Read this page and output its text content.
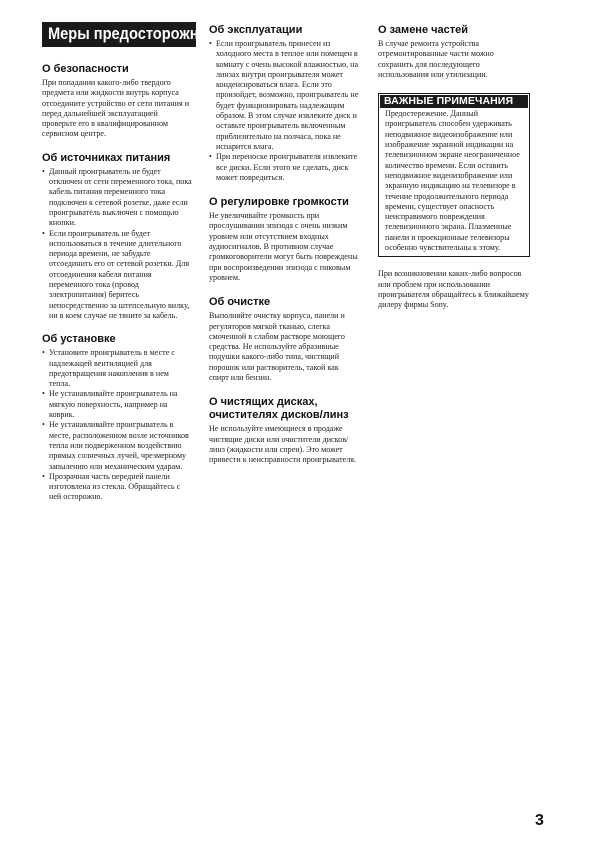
Меры предосторожности
О безопасности

При попадании какого-либо твердого предмета или жидкости внутрь корпуса отсоедините устройство от сети питания и перед дальнейшей эксплуатацией проверьте его в квалифицированном сервисном центре.

Об источниках питания
• Данный проигрыватель не будет отключен от сети переменного тока, пока кабель питания переменного тока подключен к сетевой розетке, даже если проигрыватель выключен с помощью кнопки.
• Если проигрыватель не будет использоваться в течение длительного периода времени, не забудьте отсоединить его от сетевой розетки. Для отсоединения кабеля питания переменного тока (провод электропитания) беритесь непосредственно за штепсельную вилку, ни в коем случае не тяните за кабель.
Об установке
• Установите проигрыватель в месте с надлежащей вентиляцией для предотвращения накопления в нем тепла.
• Не устанавливайте проигрыватель на мягкую поверхность, например на коврик.
• Не устанавливайте проигрыватель в месте, расположенном возле источников тепла или подверженном воздействию прямых солнечных лучей, чрезмерному запылению или механическим ударам.
• Прозрачная часть передней панели изготовлена из стекла. Обращайтесь с ней осторожно.
Об эксплуатации
• Если проигрыватель принесен из холодного места в теплое или помещен в комнату с очень высокой влажностью, на линзах внутри проигрывателя может конденсироваться влага. Если это произойдет, возможно, проигрыватель не будет функционировать надлежащим образом. В этом случае извлеките диск и оставьте проигрыватель включенным приблизительно на полчаса, пока не испарится влага.
• При переноске проигрывателя извлеките все диски. Если этого не сделать, диск может повредиться.
О регулировке громкости

Не увеличивайте громкость при прослушивании эпизода с очень низким уровнем или отсутствием входных аудиосигналов. В противном случае громкоговорители могут быть повреждены при воспроизведении эпизода с пиковым уровнем.

Об очистке

Выполняйте очистку корпуса, панели и регуляторов мягкой тканью, слегка смоченной в слабом растворе моющего средства. Не используйте абразивные подушки какого-либо типа, чистящий порошок или растворитель, такой как спирт или бензин.

О чистящих дисках, очистителях дисков/линз

Не используйте имеющиеся в продаже чистящие диски или очистители дисков/линз (жидкости или спреи). Это может привести к неисправности проигрывателя.

О замене частей

В случае ремонта устройства отремонтированные части можно сохранить для последующего использования или утилизации.

ВАЖНЫЕ ПРИМЕЧАНИЯ

Предостережение. Данный проигрыватель способен удерживать неподвижное видеоизображение или изображение экранной индикации на телевизионном экране неограниченное количество времени. Если оставить неподвижное видеоизображение или экранную индикацию на телевизоре в течение продолжительного периода времени, существует опасность неисправимого повреждения телевизионного экрана. Плазменные панели и проекционные телевизоры особенно чувствительны к этому.

При возникновении каких-либо вопросов или проблем при использовании проигрывателя обращайтесь к ближайшему дилеру фирмы Sony.

3
